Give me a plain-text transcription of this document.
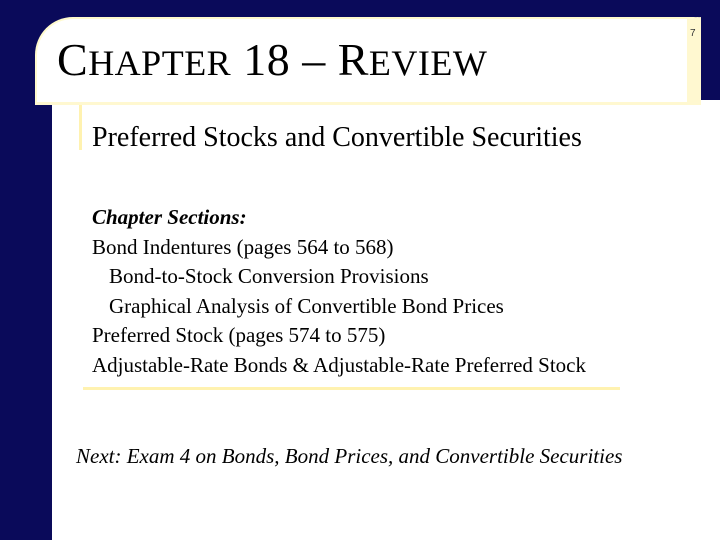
CHAPTER 18 – REVIEW
7
Preferred Stocks and Convertible Securities
Chapter Sections:
Bond Indentures (pages 564 to 568)
Bond-to-Stock Conversion Provisions
Graphical Analysis of Convertible Bond Prices
Preferred Stock (pages 574 to 575)
Adjustable-Rate Bonds & Adjustable-Rate Preferred Stock
Next: Exam 4 on Bonds, Bond Prices, and Convertible Securities
